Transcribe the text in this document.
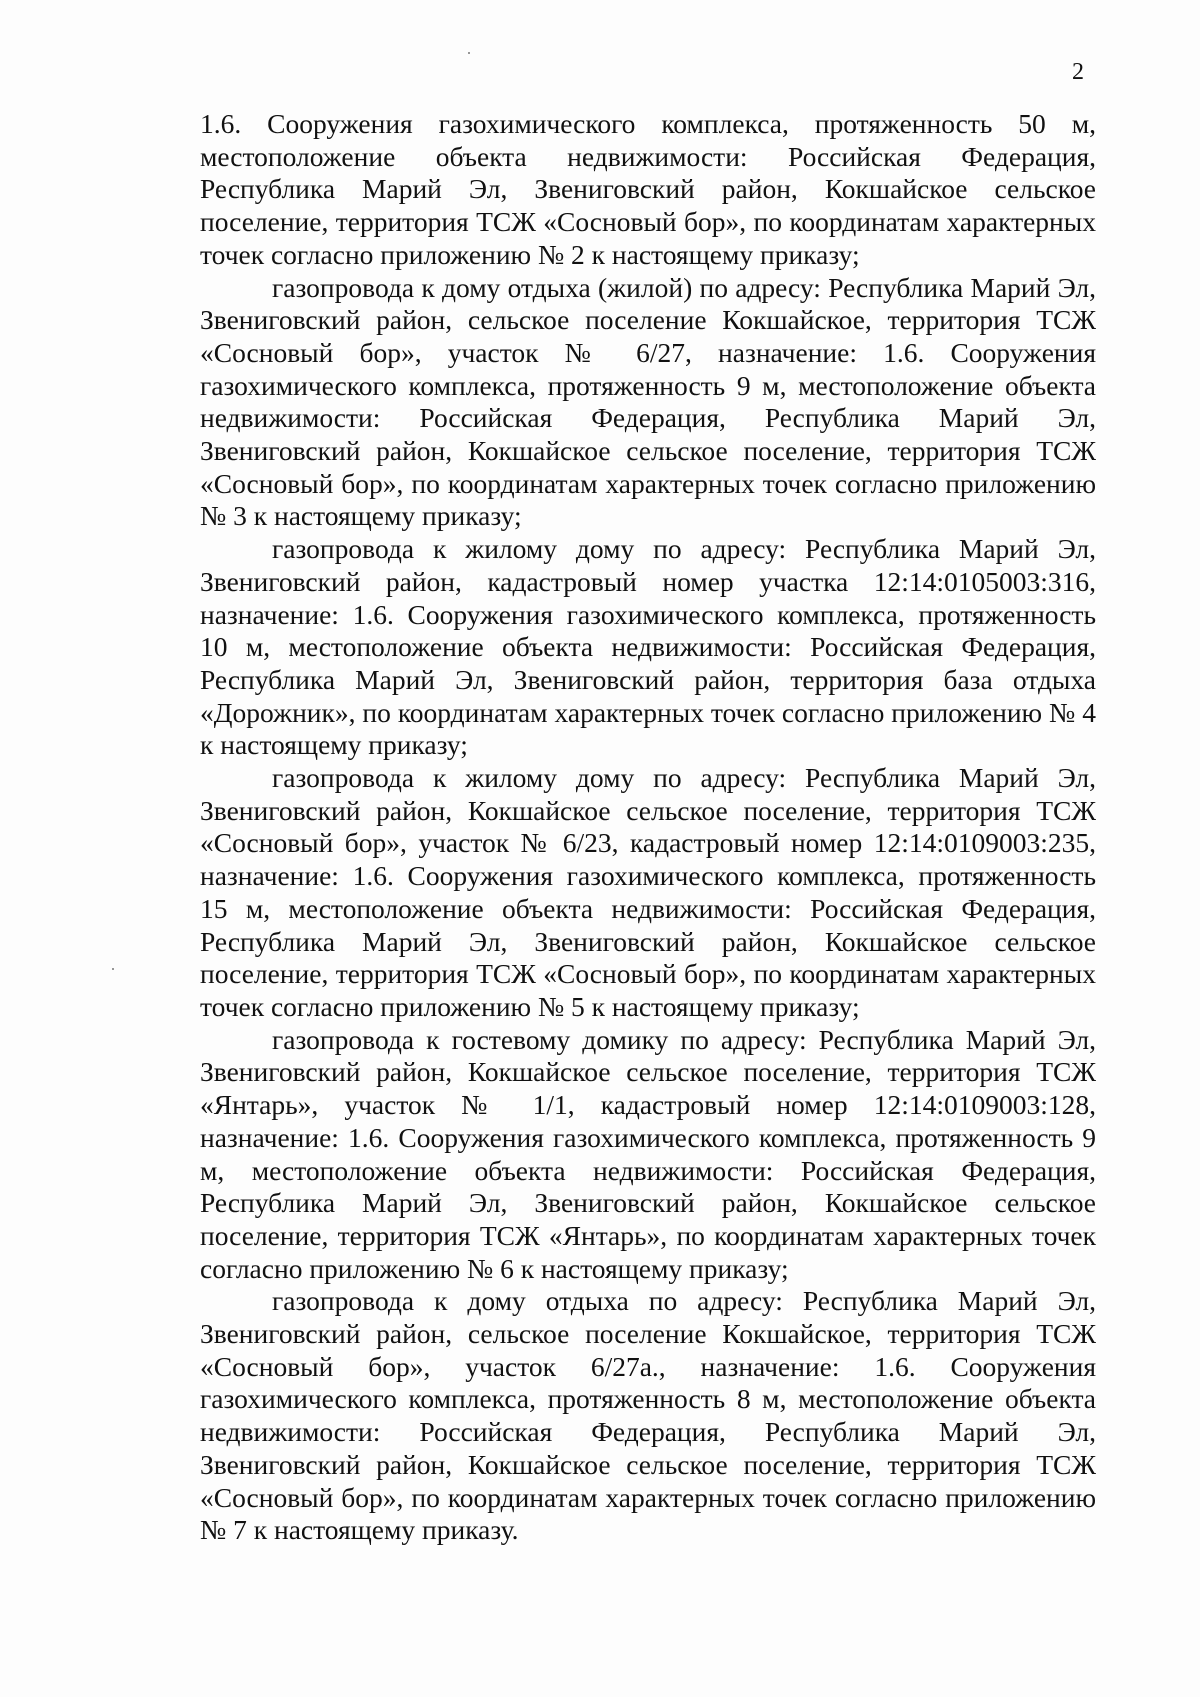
2

1.6. Сооружения газохимического комплекса, протяженность 50 м, местоположение объекта недвижимости: Российская Федерация, Республика Марий Эл, Звениговский район, Кокшайское сельское поселение, территория ТСЖ «Сосновый бор», по координатам характерных точек согласно приложению № 2 к настоящему приказу;

газопровода к дому отдыха (жилой) по адресу: Республика Марий Эл, Звениговский район, сельское поселение Кокшайское, территория ТСЖ «Сосновый бор», участок № 6/27, назначение: 1.6. Сооружения газохимического комплекса, протяженность 9 м, местоположение объекта недвижимости: Российская Федерация, Республика Марий Эл, Звениговский район, Кокшайское сельское поселение, территория ТСЖ «Сосновый бор», по координатам характерных точек согласно приложению № 3 к настоящему приказу;

газопровода к жилому дому по адресу: Республика Марий Эл, Звениговский район, кадастровый номер участка 12:14:0105003:316, назначение: 1.6. Сооружения газохимического комплекса, протяженность 10 м, местоположение объекта недвижимости: Российская Федерация, Республика Марий Эл, Звениговский район, территория база отдыха «Дорожник», по координатам характерных точек согласно приложению № 4 к настоящему приказу;

газопровода к жилому дому по адресу: Республика Марий Эл, Звениговский район, Кокшайское сельское поселение, территория ТСЖ «Сосновый бор», участок № 6/23, кадастровый номер 12:14:0109003:235, назначение: 1.6. Сооружения газохимического комплекса, протяженность 15 м, местоположение объекта недвижимости: Российская Федерация, Республика Марий Эл, Звениговский район, Кокшайское сельское поселение, территория ТСЖ «Сосновый бор», по координатам характерных точек согласно приложению № 5 к настоящему приказу;

газопровода к гостевому домику по адресу: Республика Марий Эл, Звениговский район, Кокшайское сельское поселение, территория ТСЖ «Янтарь», участок № 1/1, кадастровый номер 12:14:0109003:128, назначение: 1.6. Сооружения газохимического комплекса, протяженность 9 м, местоположение объекта недвижимости: Российская Федерация, Республика Марий Эл, Звениговский район, Кокшайское сельское поселение, территория ТСЖ «Янтарь», по координатам характерных точек согласно приложению № 6 к настоящему приказу;

газопровода к дому отдыха по адресу: Республика Марий Эл, Звениговский район, сельское поселение Кокшайское, территория ТСЖ «Сосновый бор», участок 6/27а., назначение: 1.6. Сооружения газохимического комплекса, протяженность 8 м, местоположение объекта недвижимости: Российская Федерация, Республика Марий Эл, Звениговский район, Кокшайское сельское поселение, территория ТСЖ «Сосновый бор», по координатам характерных точек согласно приложению № 7 к настоящему приказу.
